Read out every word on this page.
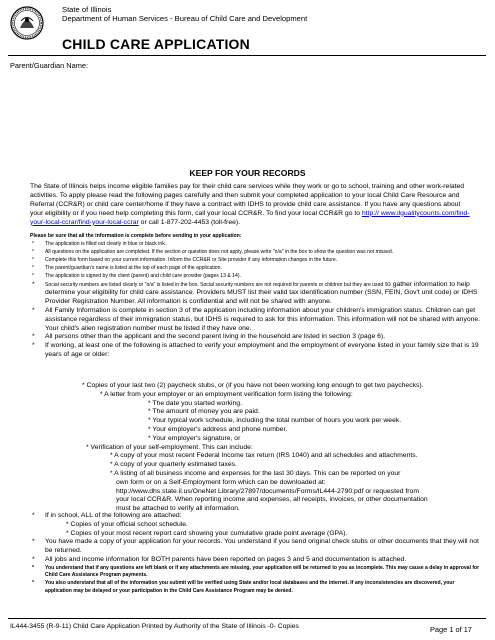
State of Illinois
Department of Human Services - Bureau of Child Care and Development
CHILD CARE APPLICATION
Parent/Guardian Name:
KEEP FOR YOUR RECORDS
The State of Illinois helps income eligible families pay for their child care services while they work or go to school, training and other work-related activities. To apply please read the following pages carefully and then submit your completed application to your local Child Care Resource and Referral (CCR&R) or child care center/home if they have a contract with IDHS to provide child care assistance. If you have any questions about your eligibility or if you need help completing this form, call your local CCR&R. To find your local CCR&R go to http:// www.ilgualitycounts.com/find-your-local-ccrar/find-your-local-ccrar or call 1-877-202-4453 (toll-free).
Please be sure that all the information is complete before sending in your application:
* The application is filled out clearly in blue or black ink.
* All questions on the application are completed. If the section or question does not apply, please write "n/a" in the box to show the question was not missed.
* Complete this form based on your current information. Inform the CCR&R or Site provider if any information changes in the future.
* The parent/guardian's name is listed at the top of each page of the application.
* The application is signed by the client (parent) and child care provider (pages 13 & 14).
* Social security numbers are listed clearly or "n/a" is listed in the box. Social security numbers are not required for parents or children but they are used to gather information to help determine your eligibility for child care assistance. Providers MUST list their valid tax identification number (SSN, FEIN, Gov't unit code) or IDHS Provider Registration Number. All information is confidential and will not be shared with anyone.
* All Family Information is complete in section 3 of the application including information about your children's immigration status. Children can get assistance regardless of their immigration status, but IDHS is required to ask for this information. This information will not be shared with anyone. Your child's alien registration number must be listed if they have one.
* All persons other than the applicant and the second parent living in the household are listed in section 3 (page 6).
* If working, at least one of the following is attached to verify your employment and the employment of everyone listed in your family size that is 19 years of age or older:
* Copies of your last two (2) paycheck stubs, or (if you have not been working long enough to get two paychecks).
* A letter from your employer or an employment verification form listing the following:
* The date you started working.
* The amount of money you are paid.
* Your typical work schedule, including the total number of hours you work per week.
* Your employer's address and phone number.
* Your employer's signature, or
* Verification of your self-employment. This can include:
* A copy of your most recent Federal Income tax return (IRS 1040) and all schedules and attachments.
* A copy of your quarterly estimated taxes.
* A listing of all business income and expenses for the last 30 days. This can be reported on your
own form or on a Self-Employment form which can be downloaded at:
http://www.dhs.state.il.us/OneNet Library/27897/documents/Forms/IL444-2790.pdf or requested from
your local CCR&R. When reporting income and expenses, all receipts, invoices, or other documentation
must be attached to verify all information.
* If in school, ALL of the following are attached:
* Copies of your official school schedule.
* Copies of your most recent report card showing your cumulative grade point average (GPA).
* You have made a copy of your application for your records. You understand if you send original check stubs or other documents that they will not be returned.
* All jobs and income information for BOTH parents have been reported on pages 3 and 5 and documentation is attached.
* You understand that if any questions are left blank or if any attachments are missing, your application will be returned to you as incomplete. This may cause a delay in approval for Child Care Assistance Program payments.
* You also understand that all of the information you submit will be verified using State and/or local databases and the internet. If any inconsistencies are discovered, your application may be delayed or your participation in the Child Care Assistance Program may be denied.
IL444-3455 (R-9-11) Child Care Application Printed by Authority of the State of Illinois -0- Copies	Page 1 of 17
